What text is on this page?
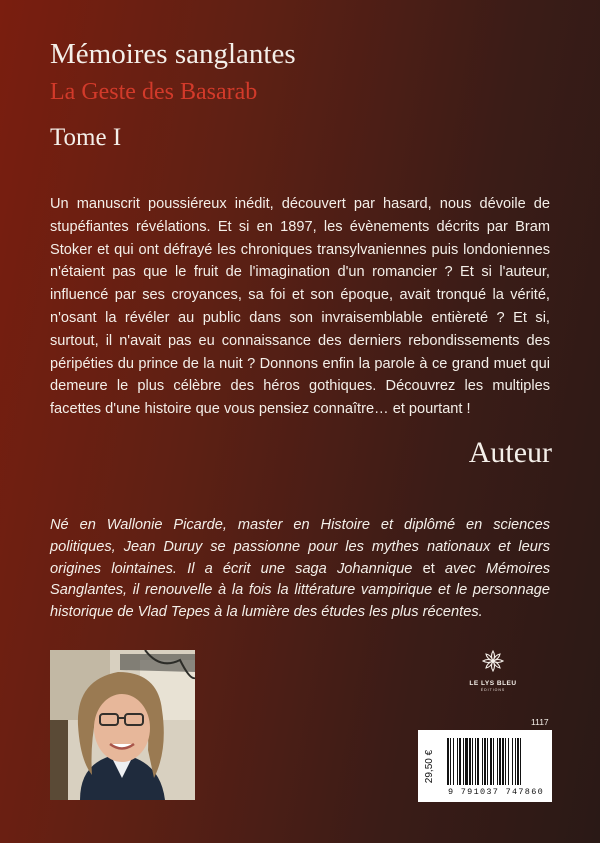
Mémoires sanglantes
La Geste des Basarab
Tome I

Un manuscrit poussiéreux inédit, découvert par hasard, nous dévoile de stupéfiantes révélations. Et si en 1897, les évènements décrits par Bram Stoker et qui ont défrayé les chroniques transylvaniennes puis londoniennes n'étaient pas que le fruit de l'imagination d'un romancier ? Et si l'auteur, influencé par ses croyances, sa foi et son époque, avait tronqué la vérité, n'osant la révéler au public dans son invraisemblable entièreté ? Et si, surtout, il n'avait pas eu connaissance des derniers rebondissements des péripéties du prince de la nuit ? Donnons enfin la parole à ce grand muet qui demeure le plus célèbre des héros gothiques. Découvrez les multiples facettes d'une histoire que vous pensiez connaître… et pourtant !

Auteur

Né en Wallonie Picarde, master en Histoire et diplômé en sciences politiques, Jean Duruy se passionne pour les mythes nationaux et leurs origines lointaines. Il a écrit une saga Johannique et avec Mémoires Sanglantes, il renouvelle à la fois la littérature vampirique et le personnage historique de Vlad Tepes à la lumière des études les plus récentes.

LE LYS BLEU
ÉDITIONS
1117
29,50 €
9 791037 747860
